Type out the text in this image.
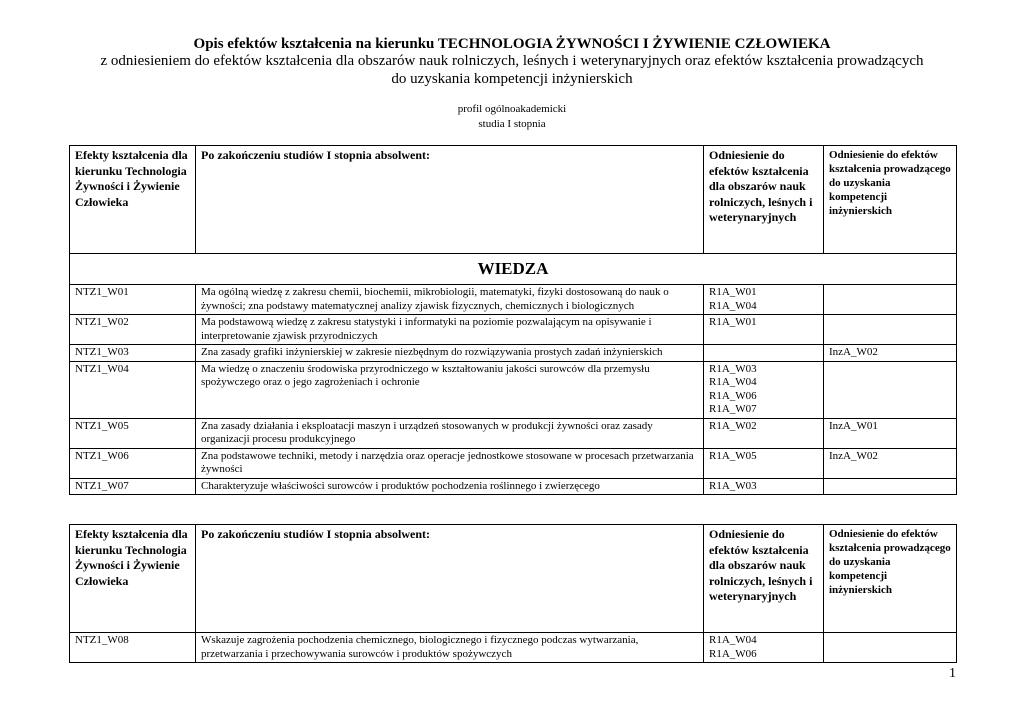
Opis efektów kształcenia na kierunku TECHNOLOGIA ŻYWNOŚCI I ŻYWIENIE CZŁOWIEKA
z odniesieniem do efektów kształcenia dla obszarów nauk rolniczych, leśnych i weterynaryjnych oraz efektów kształcenia prowadzących
do uzyskania kompetencji inżynierskich
profil ogólnoakademicki
studia I stopnia
Efekty kształcenia dla kierunku Technologia Żywności i Żywienie Człowieka	Po zakończeniu studiów I stopnia absolwent:	Odniesienie do efektów kształcenia dla obszarów nauk rolniczych, leśnych i weterynaryjnych	Odniesienie do efektów kształcenia prowadzącego do uzyskania kompetencji inżynierskich
WIEDZA			
NTZ1_W01	Ma ogólną wiedzę z zakresu chemii, biochemii, mikrobiologii, matematyki, fizyki dostosowaną do nauk o żywności; zna podstawy matematycznej analizy zjawisk fizycznych, chemicznych i biologicznych	R1A_W01
R1A_W04	
NTZ1_W02	Ma podstawową wiedzę z zakresu statystyki i informatyki na poziomie pozwalającym na opisywanie i interpretowanie zjawisk przyrodniczych	R1A_W01	
NTZ1_W03	Zna zasady grafiki inżynierskiej w zakresie niezbędnym do rozwiązywania prostych zadań inżynierskich		InzA_W02
NTZ1_W04	Ma wiedzę o znaczeniu środowiska przyrodniczego w kształtowaniu jakości surowców dla przemysłu spożywczego oraz o jego zagrożeniach i ochronie	R1A_W03
R1A_W04
R1A_W06
R1A_W07	
NTZ1_W05	Zna zasady działania i eksploatacji maszyn i urządzeń stosowanych w produkcji żywności oraz zasady organizacji procesu produkcyjnego	R1A_W02	InzA_W01
NTZ1_W06	Zna podstawowe techniki, metody i narzędzia oraz operacje jednostkowe stosowane w procesach przetwarzania żywności	R1A_W05	InzA_W02
NTZ1_W07	Charakteryzuje właściwości surowców i produktów pochodzenia roślinnego i zwierzęcego	R1A_W03	
Efekty kształcenia dla kierunku Technologia Żywności i Żywienie Człowieka	Po zakończeniu studiów I stopnia absolwent:	Odniesienie do efektów kształcenia dla obszarów nauk rolniczych, leśnych i weterynaryjnych	Odniesienie do efektów kształcenia prowadzącego do uzyskania kompetencji inżynierskich
NTZ1_W08	Wskazuje zagrożenia pochodzenia chemicznego, biologicznego i fizycznego podczas wytwarzania, przetwarzania i przechowywania surowców i produktów spożywczych	R1A_W04
R1A_W06	
1
